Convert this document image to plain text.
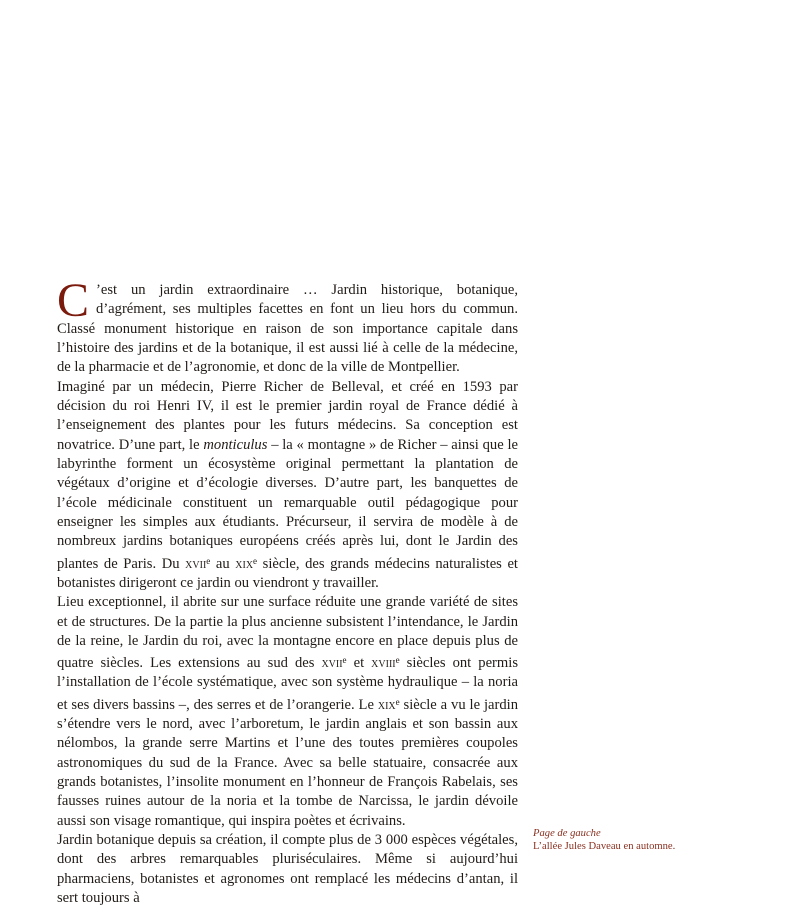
C ’est un jardin extraordinaire … Jardin historique, botanique, d’agrément, ses multiples facettes en font un lieu hors du commun. Classé monument historique en raison de son importance capitale dans l’histoire des jardins et de la botanique, il est aussi lié à celle de la médecine, de la pharmacie et de l’agronomie, et donc de la ville de Montpellier.

Imaginé par un médecin, Pierre Richer de Belleval, et créé en 1593 par décision du roi Henri IV, il est le premier jardin royal de France dédié à l’enseignement des plantes pour les futurs médecins. Sa conception est novatrice. D’une part, le monticulus – la « montagne » de Richer – ainsi que le labyrinthe forment un écosystème original permettant la plantation de végétaux d’origine et d’écologie diverses. D’autre part, les banquettes de l’école médicinale constituent un remarquable outil pédagogique pour enseigner les simples aux étudiants. Précurseur, il servira de modèle à de nombreux jardins botaniques européens créés après lui, dont le Jardin des plantes de Paris. Du xvii$^e$ au xix$^e$ siècle, des grands médecins naturalistes et botanistes dirigeront ce jardin ou viendront y travailler.

Lieu exceptionnel, il abrite sur une surface réduite une grande variété de sites et de structures. De la partie la plus ancienne subsistent l’intendance, le Jardin de la reine, le Jardin du roi, avec la montagne encore en place depuis plus de quatre siècles. Les extensions au sud des xvii$^e$ et xviii$^e$ siècles ont permis l’installation de l’école systématique, avec son système hydraulique – la noria et ses divers bassins –, des serres et de l’orangerie. Le xix$^e$ siècle a vu le jardin s’étendre vers le nord, avec l’arboretum, le jardin anglais et son bassin aux nélombos, la grande serre Martins et l’une des toutes premières coupoles astronomiques du sud de la France. Avec sa belle statuaire, consacrée aux grands botanistes, l’insolite monument en l’honneur de François Rabelais, ses fausses ruines autour de la noria et la tombe de Narcissa, le jardin dévoile aussi son visage romantique, qui inspira poètes et écrivains.

Jardin botanique depuis sa création, il compte plus de 3 000 espèces végétales, dont des arbres remarquables pluriséculaires. Même si aujourd’hui pharmaciens, botanistes et agronomes ont remplacé les médecins d’antan, il sert toujours à

Page de gauche
L’allée Jules Daveau en automne.
